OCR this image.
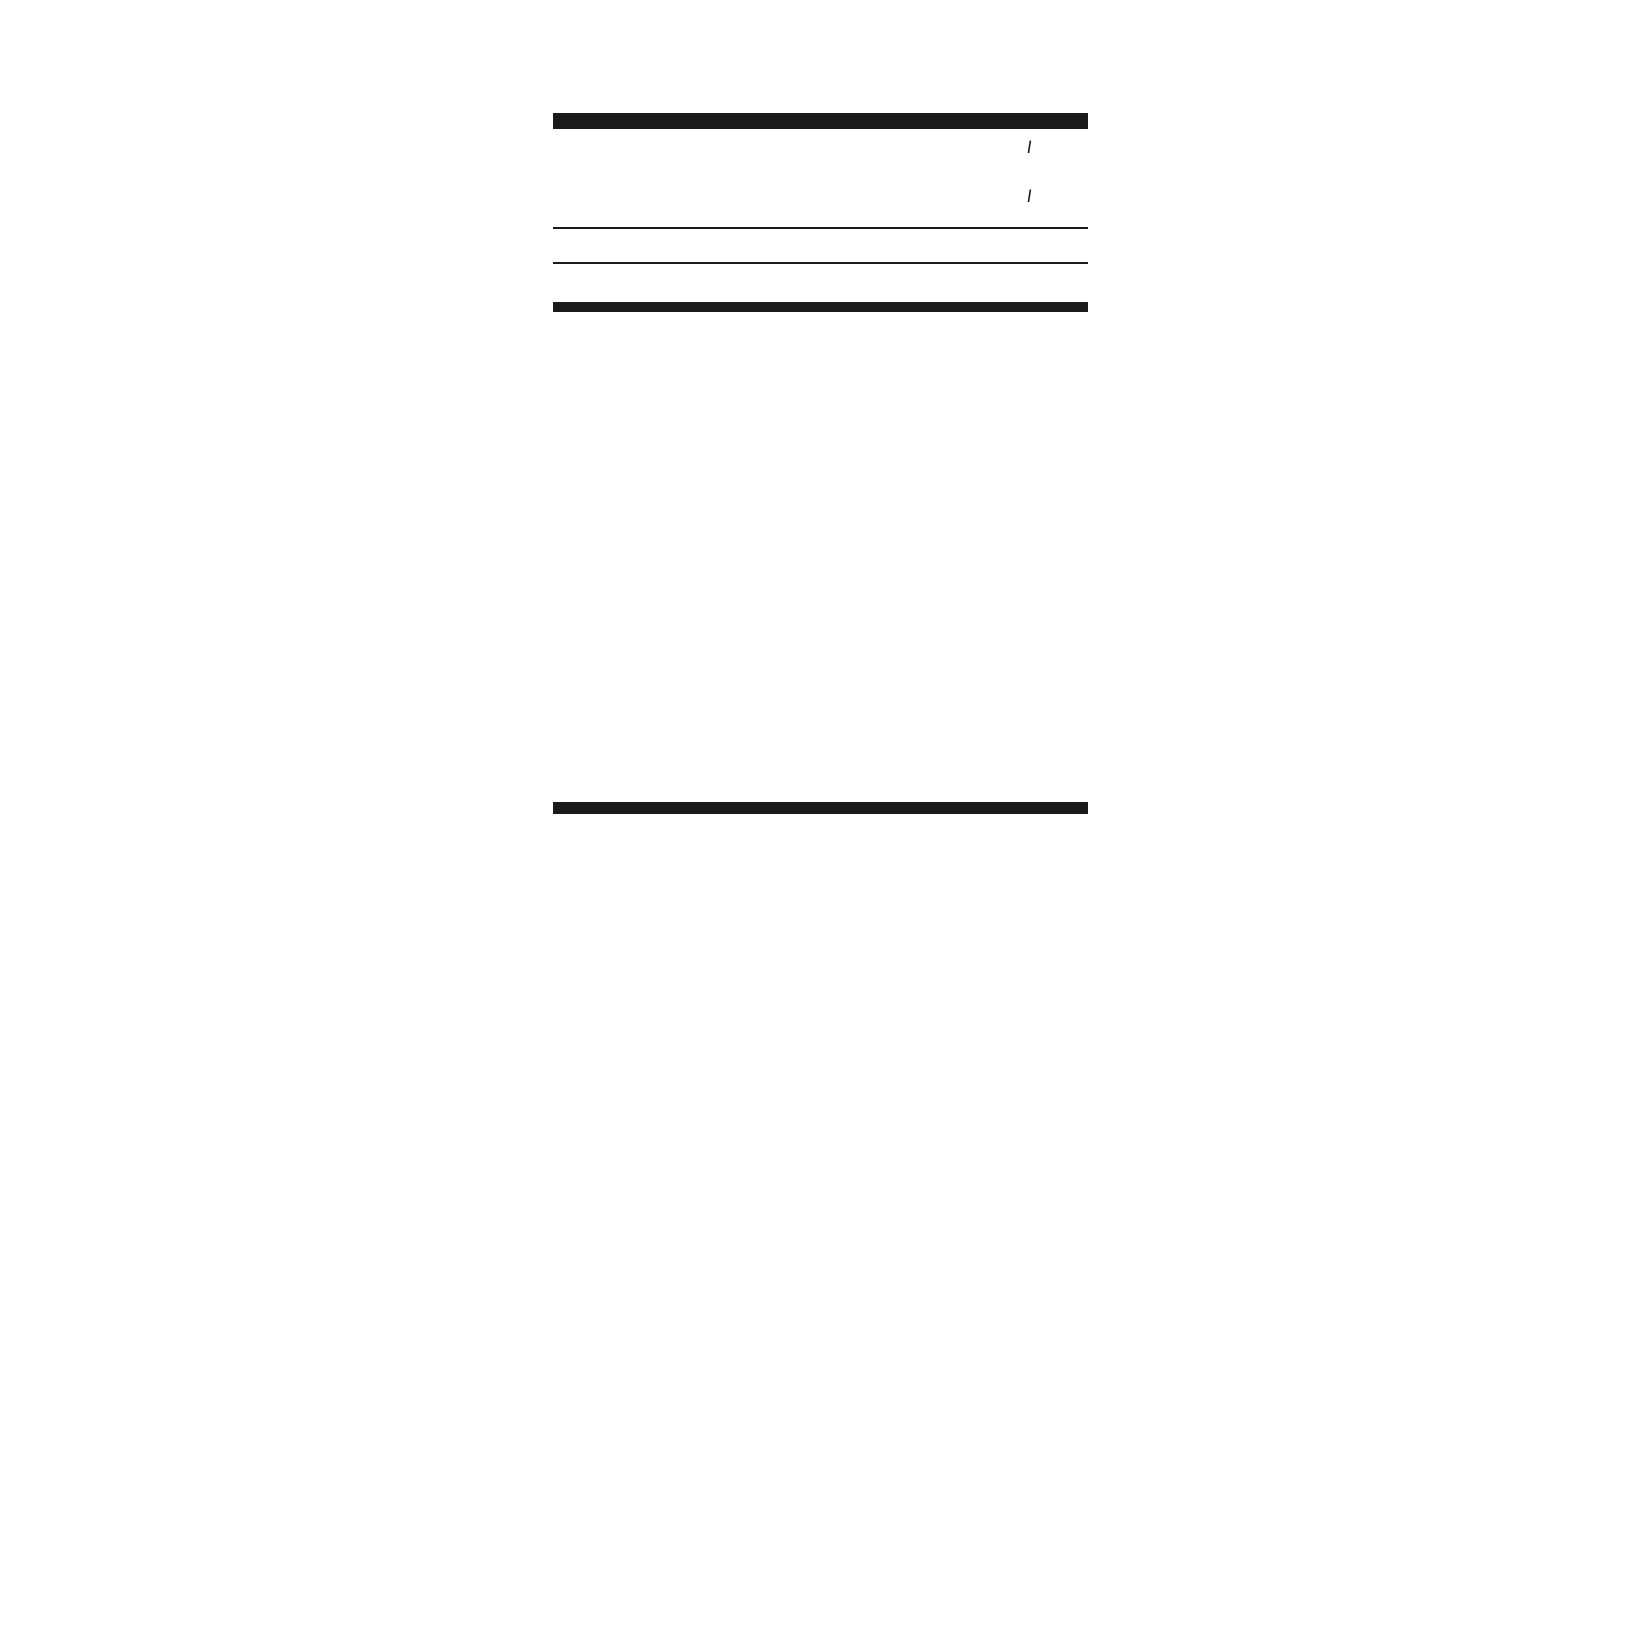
/

/
